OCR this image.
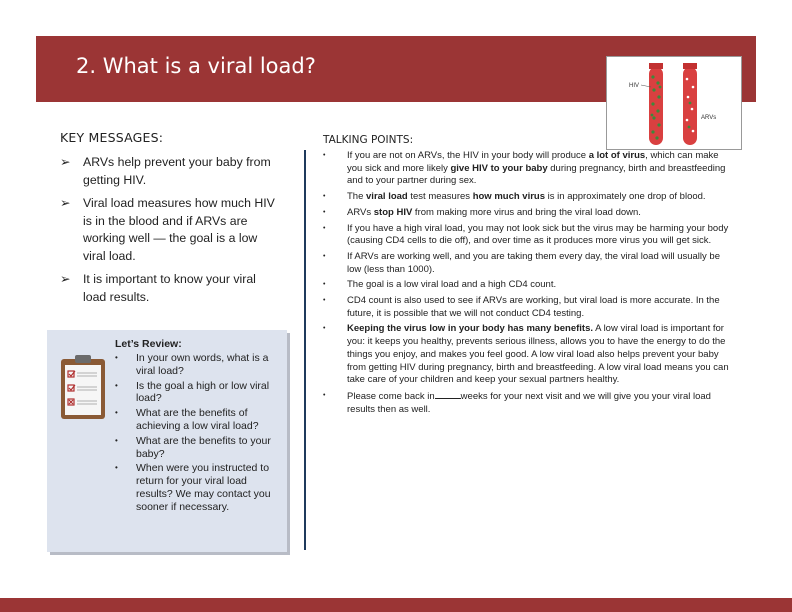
2. What is a viral load?
HIV
ARVs
KEY MESSAGES:
➢ ARVs help prevent your baby from getting HIV.
➢ Viral load measures how much HIV is in the blood and if ARVs are working well — the goal is a low viral load.
➢ It is important to know your viral load results.
Let’s Review:
• In your own words, what is a viral load?
• Is the goal a high or low viral load?
• What are the benefits of achieving a low viral load?
• What are the benefits to your baby?
• When were you instructed to return for your viral load results? We may contact you sooner if necessary.
TALKING POINTS:
• If you are not on ARVs, the HIV in your body will produce a lot of virus, which can make you sick and more likely give HIV to your baby during pregnancy, birth and breastfeeding and to your partner during sex.
• The viral load test measures how much virus is in approximately one drop of blood.
• ARVs stop HIV from making more virus and bring the viral load down.
• If you have a high viral load, you may not look sick but the virus may be harming your body (causing CD4 cells to die off), and over time as it produces more virus you will get sick.
• If ARVs are working well, and you are taking them every day, the viral load will usually be low (less than 1000).
• The goal is a low viral load and a high CD4 count.
• CD4 count is also used to see if ARVs are working, but viral load is more accurate. In the future, it is possible that we will not conduct CD4 testing.
• Keeping the virus low in your body has many benefits. A low viral load is important for you: it keeps you healthy, prevents serious illness, allows you to have the energy to do the things you enjoy, and makes you feel good. A low viral load also helps prevent your baby from getting HIV during pregnancy, birth and breastfeeding. A low viral load means you can take care of your children and keep your sexual partners healthy.
• Please come back in	weeks for your next visit and we will give you your viral load results then as well.
